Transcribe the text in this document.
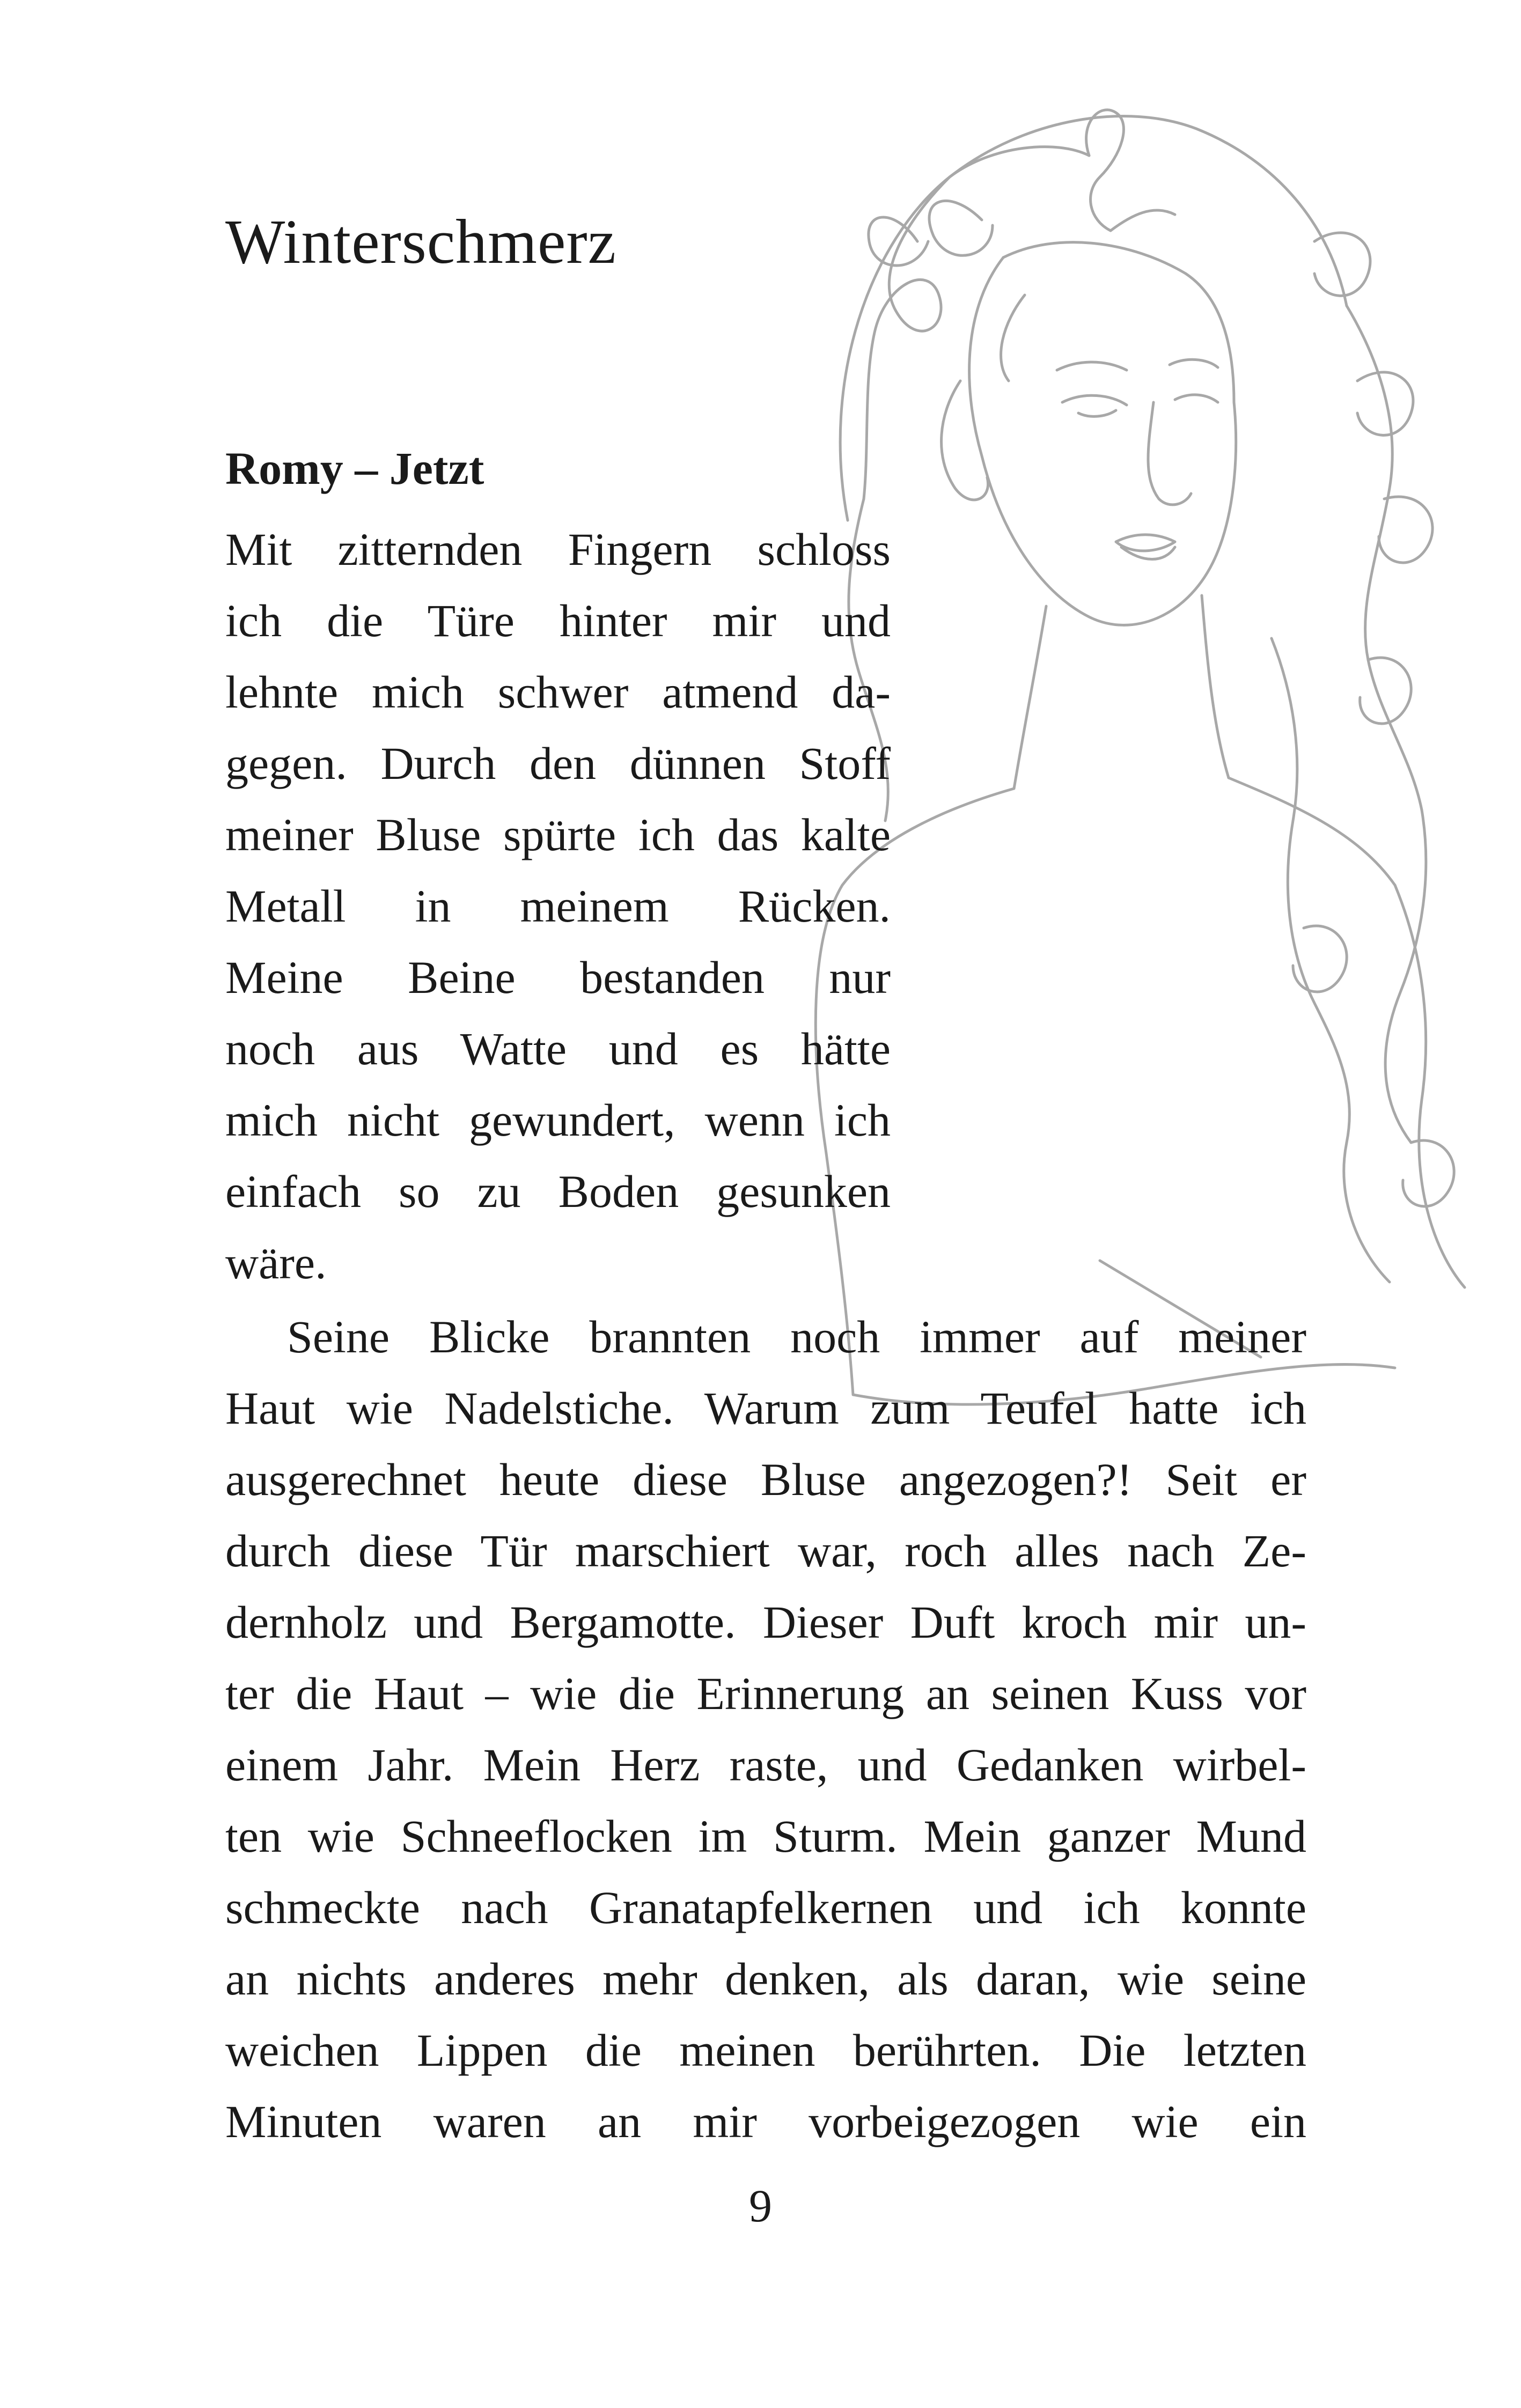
Winterschmerz
Romy – Jetzt
Mit zitternden Fingern schloss
ich die Türe hinter mir und
lehnte mich schwer atmend da-
gegen. Durch den dünnen Stoff
meiner Bluse spürte ich das kalte
Metall in meinem Rücken.
Meine Beine bestanden nur
noch aus Watte und es hätte
mich nicht gewundert, wenn ich
einfach so zu Boden gesunken
wäre.
Seine Blicke brannten noch immer auf meiner
Haut wie Nadelstiche. Warum zum Teufel hatte ich
ausgerechnet heute diese Bluse angezogen?! Seit er
durch diese Tür marschiert war, roch alles nach Ze-
dernholz und Bergamotte. Dieser Duft kroch mir un-
ter die Haut – wie die Erinnerung an seinen Kuss vor
einem Jahr. Mein Herz raste, und Gedanken wirbel-
ten wie Schneeflocken im Sturm. Mein ganzer Mund
schmeckte nach Granatapfelkernen und ich konnte
an nichts anderes mehr denken, als daran, wie seine
weichen Lippen die meinen berührten. Die letzten
Minuten waren an mir vorbeigezogen wie ein

9
